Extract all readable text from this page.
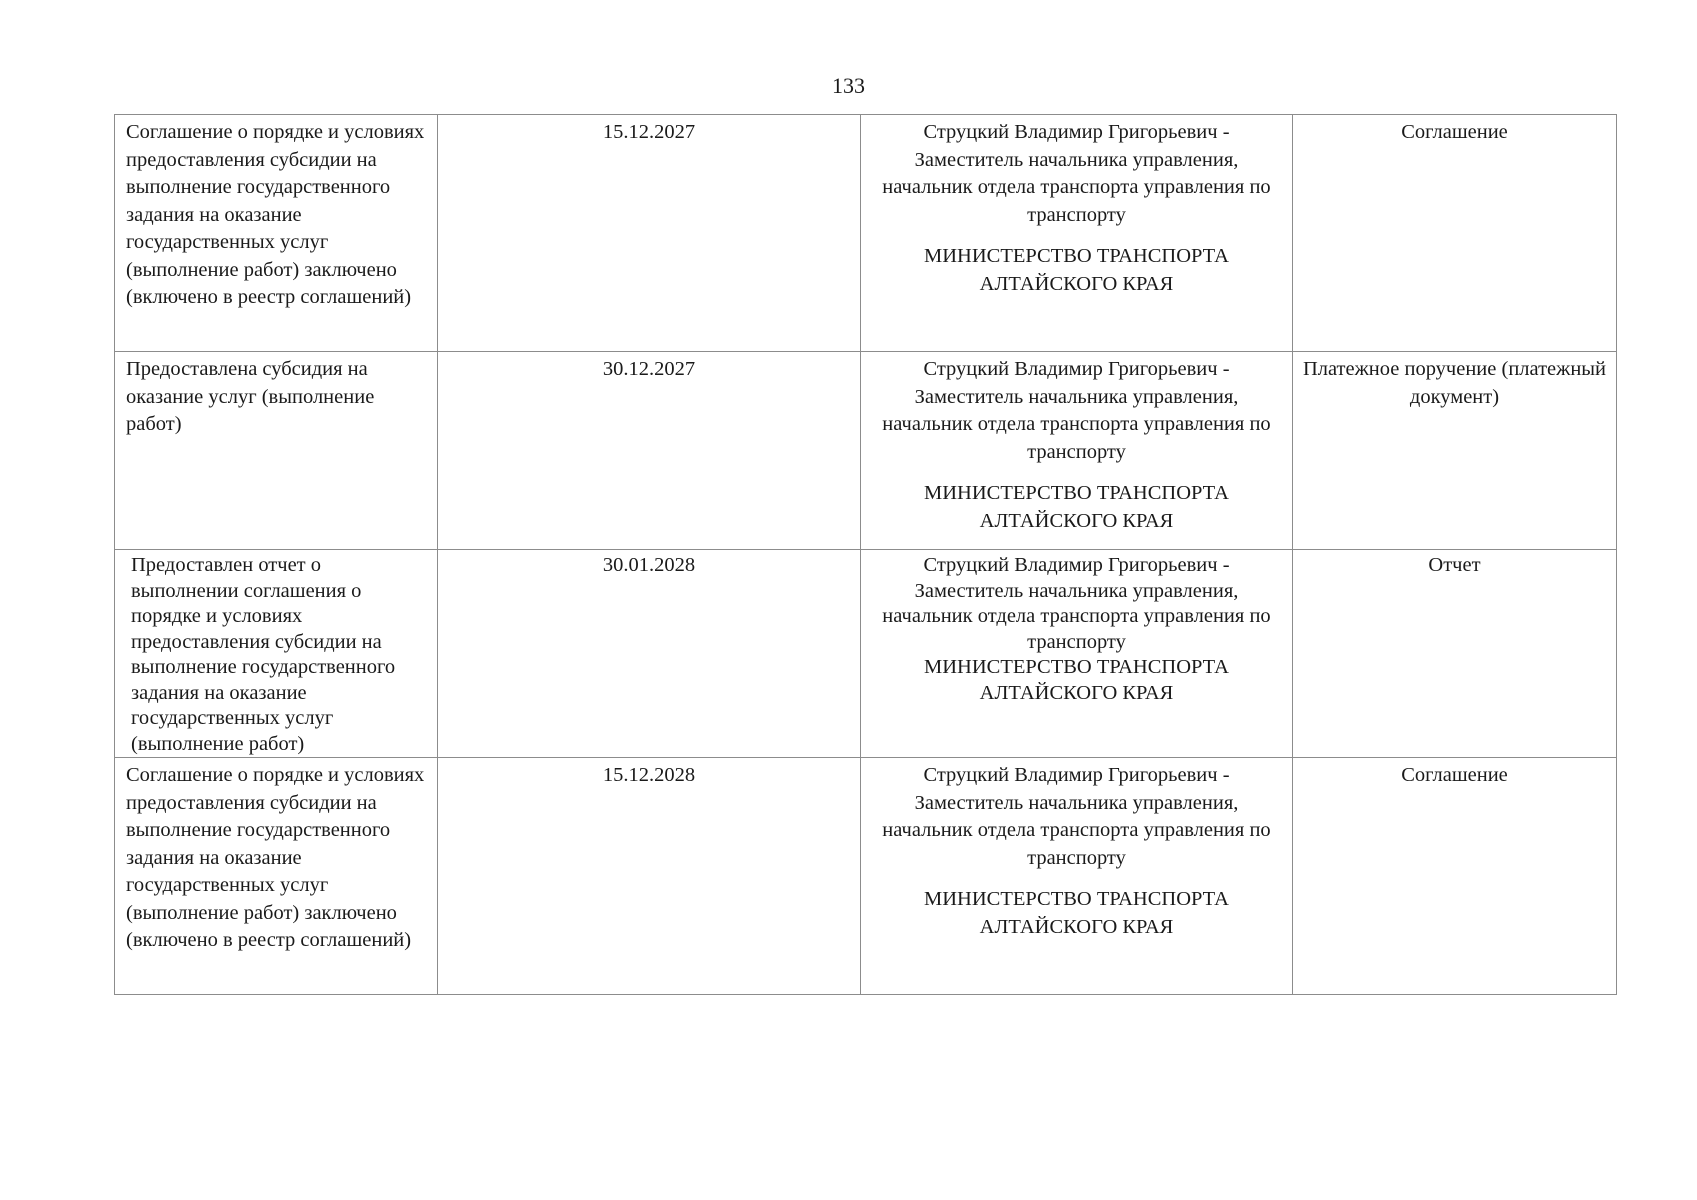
133
Соглашение о порядке и условиях предоставления субсидии на выполнение государственного задания на оказание государственных услуг (выполнение работ) заключено (включено в реестр соглашений)	15.12.2027	Струцкий Владимир Григорьевич - Заместитель начальника управления, начальник отдела транспорта управления по транспорту
МИНИСТЕРСТВО ТРАНСПОРТА АЛТАЙСКОГО КРАЯ	Соглашение

Предоставлена субсидия на оказание услуг (выполнение работ)	30.12.2027	Струцкий Владимир Григорьевич - Заместитель начальника управления, начальник отдела транспорта управления по транспорту
МИНИСТЕРСТВО ТРАНСПОРТА АЛТАЙСКОГО КРАЯ	Платежное поручение (платежный документ)

Предоставлен отчет о выполнении соглашения о порядке и условиях предоставления субсидии на выполнение государственного задания на оказание государственных услуг (выполнение работ)	30.01.2028	Струцкий Владимир Григорьевич - Заместитель начальника управления, начальник отдела транспорта управления по транспорту
МИНИСТЕРСТВО ТРАНСПОРТА АЛТАЙСКОГО КРАЯ	Отчет

Соглашение о порядке и условиях предоставления субсидии на выполнение государственного задания на оказание государственных услуг (выполнение работ) заключено (включено в реестр соглашений)	15.12.2028	Струцкий Владимир Григорьевич - Заместитель начальника управления, начальник отдела транспорта управления по транспорту
МИНИСТЕРСТВО ТРАНСПОРТА АЛТАЙСКОГО КРАЯ	Соглашение
